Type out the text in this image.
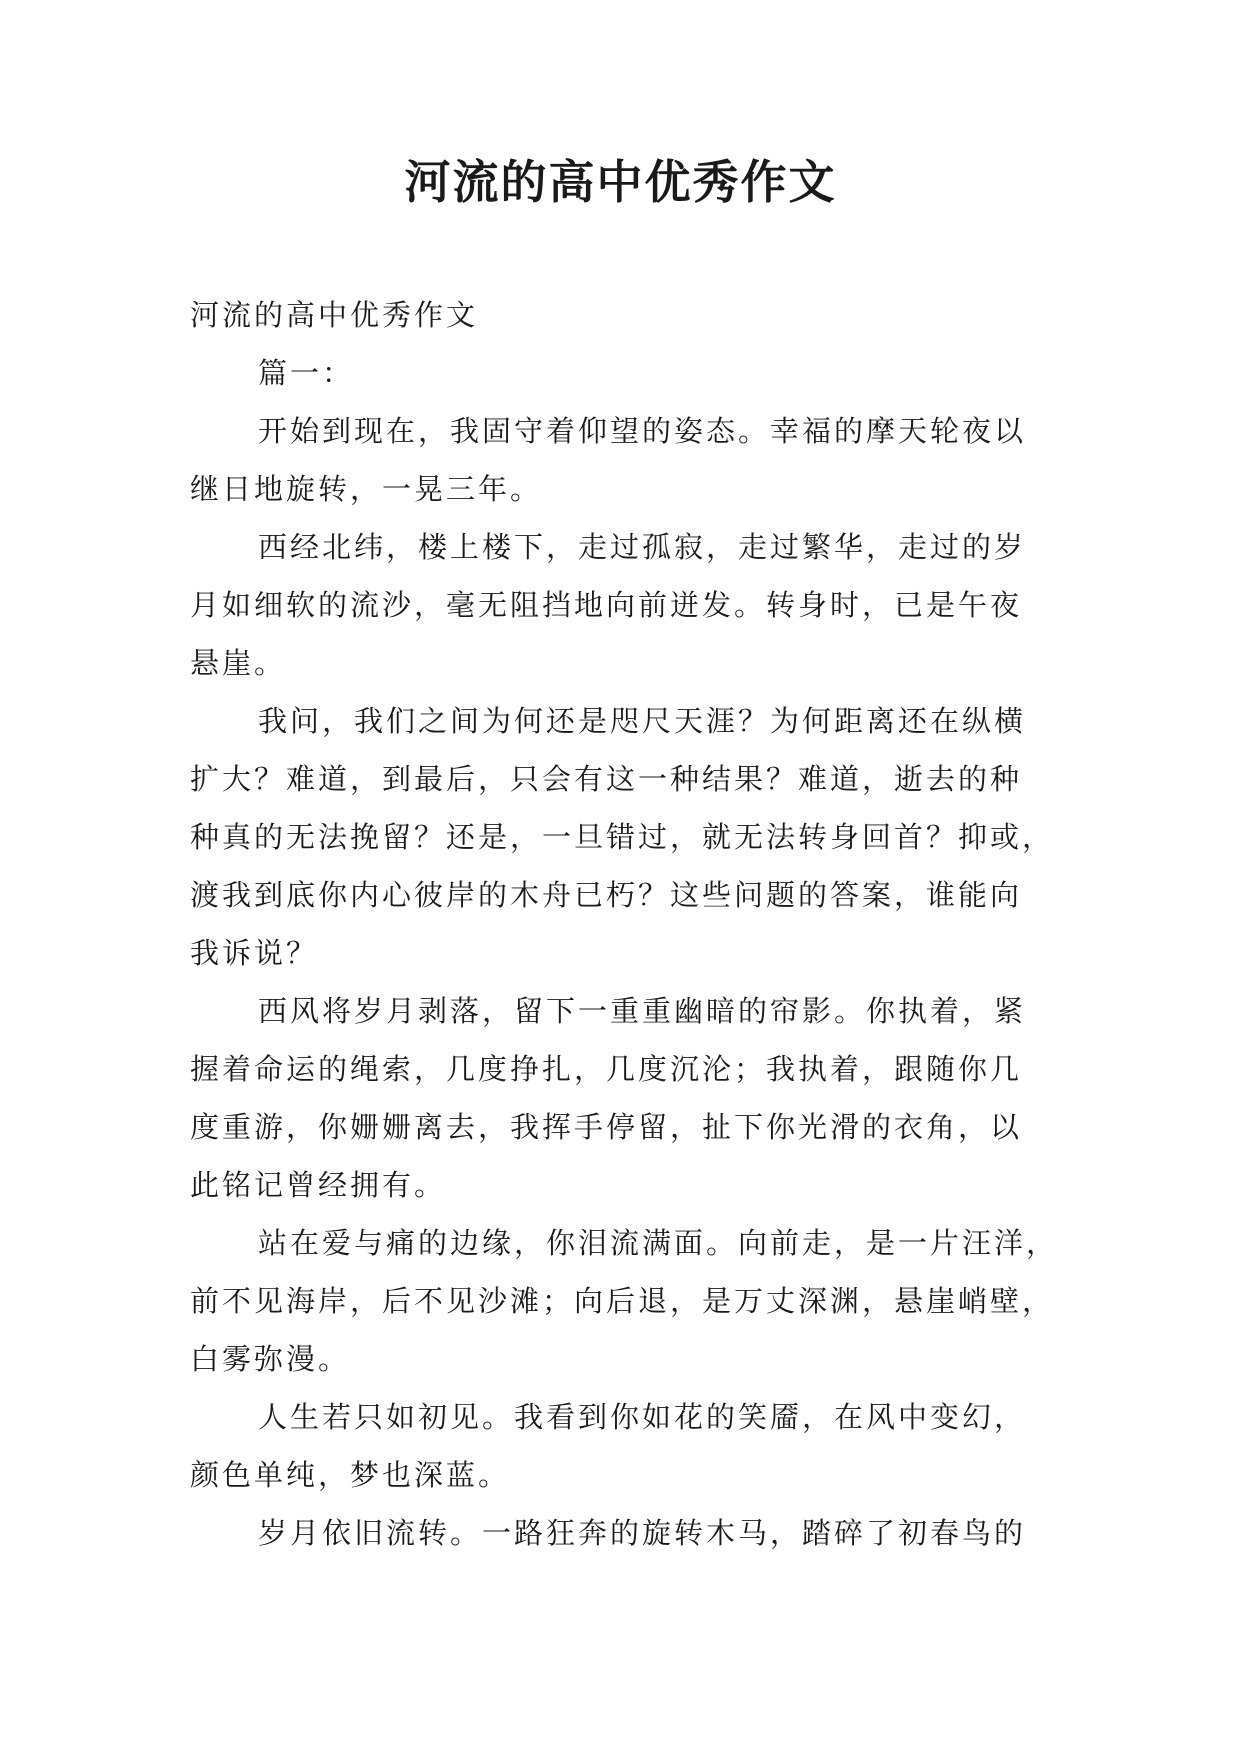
河流的高中优秀作文

河流的高中优秀作文

篇一：

开始到现在，我固守着仰望的姿态。幸福的摩天轮夜以

继日地旋转，一晃三年。

西经北纬，楼上楼下，走过孤寂，走过繁华，走过的岁

月如细软的流沙，毫无阻挡地向前迸发。转身时，已是午夜

悬崖。

我问，我们之间为何还是咫尺天涯？为何距离还在纵横

扩大？难道，到最后，只会有这一种结果？难道，逝去的种

种真的无法挽留？还是，一旦错过，就无法转身回首？抑或，

渡我到底你内心彼岸的木舟已朽？这些问题的答案，谁能向

我诉说？

西风将岁月剥落，留下一重重幽暗的帘影。你执着，紧

握着命运的绳索，几度挣扎，几度沉沦；我执着，跟随你几

度重游，你姗姗离去，我挥手停留，扯下你光滑的衣角，以

此铭记曾经拥有。

站在爱与痛的边缘，你泪流满面。向前走，是一片汪洋，

前不见海岸，后不见沙滩；向后退，是万丈深渊，悬崖峭壁，

白雾弥漫。

人生若只如初见。我看到你如花的笑靥，在风中变幻，

颜色单纯，梦也深蓝。

岁月依旧流转。一路狂奔的旋转木马，踏碎了初春鸟的
